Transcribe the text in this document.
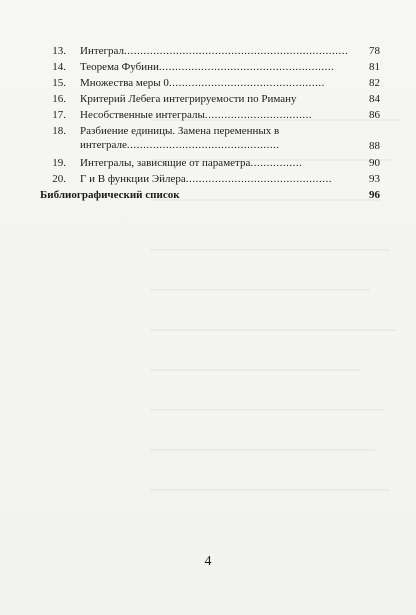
13. Интеграл.....................................................................	78
14. Теорема Фубини......................................................	81
15. Множества меры 0................................................	82
16. Критерий Лебега интегрируемости по Риману	84
17. Несобственные интегралы.................................	86
18. Разбиение единицы. Замена переменных в
интеграле...............................................	88
19. Интегралы, зависящие от параметра................	90
20. Г и В функции Эйлера.............................................	93
Библиографический список	96
4
